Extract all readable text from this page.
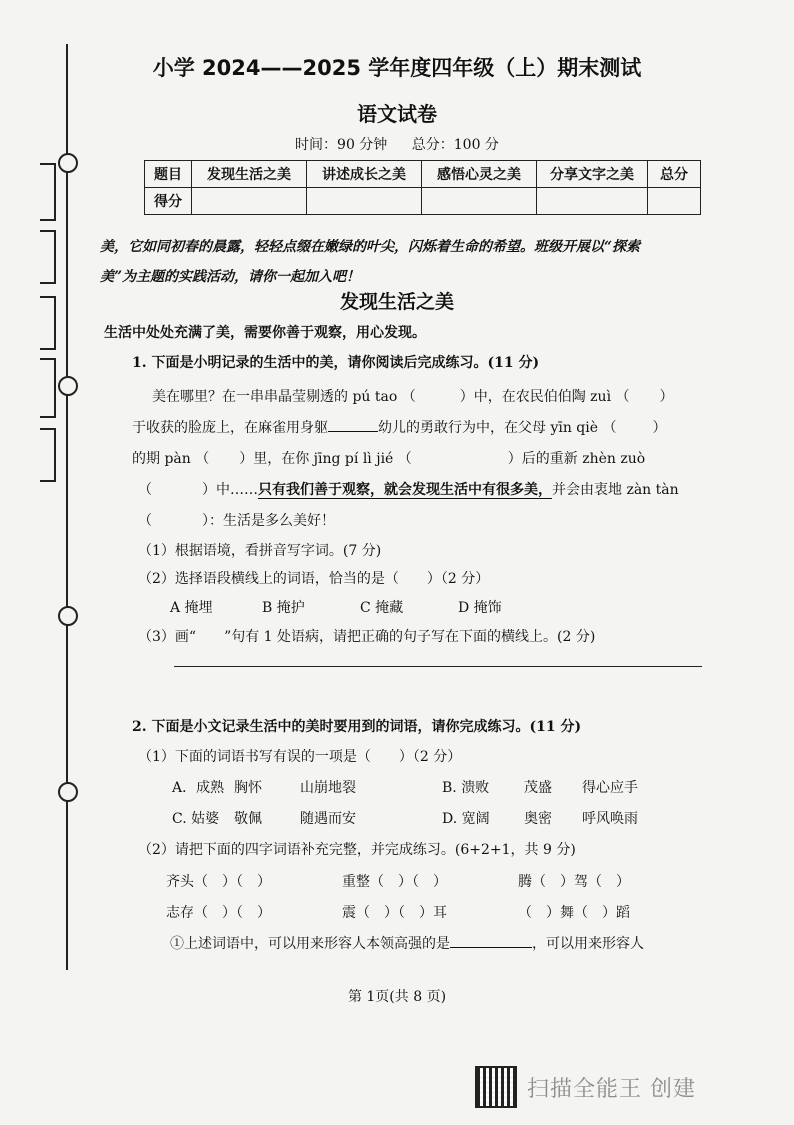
小学 2024——2025 学年度四年级（上）期末测试
语文试卷
时间：90 分钟 总分：100 分
题目	发现生活之美	讲述成长之美	感悟心灵之美	分享文字之美	总分
得分					
美，它如同初春的晨露，轻轻点缀在嫩绿的叶尖，闪烁着生命的希望。班级开展以“探索
美”为主题的实践活动，请你一起加入吧！
发现生活之美
生活中处处充满了美，需要你善于观察，用心发现。
1. 下面是小明记录的生活中的美，请你阅读后完成练习。(11 分)
美在哪里？在一串串晶莹剔透的 pú tao （	）中，在农民伯伯陶 zuì （ ）
于收获的脸庞上，在麻雀用身躯	幼儿的勇敢行为中，在父母 yīn qiè （	）
的期 pàn （ ）里，在你 jīng pí lì jié （	）后的重新 zhèn zuò
（	）中……只有我们善于观察，就会发现生活中有很多美，并会由衷地 zàn tàn
（	）：生活是多么美好！
（1）根据语境，看拼音写字词。(7 分)
（2）选择语段横线上的词语，恰当的是（　　）（2 分）
A 掩埋	B 掩护	C 掩藏	D 掩饰
（3）画“　　”句有 1 处语病，请把正确的句子写在下面的横线上。(2 分)
2. 下面是小文记录生活中的美时要用到的词语，请你完成练习。(11 分)
（1）下面的词语书写有误的一项是（　　）（2 分）
A．成熟 胸怀	山崩地裂	B. 溃败 茂盛 得心应手
C. 姑婆 敬佩	随遇而安	D. 宽阔 奥密 呼风唤雨
（2）请把下面的四字词语补充完整，并完成练习。(6+2+1，共 9 分)
齐头（　）（　）	重整（　）（　）	腾（　）驾（　）
志存（　）（　）	震（　）（　）耳	（　）舞（　）蹈
①上述词语中，可以用来形容人本领高强的是	，可以用来形容人
第 1页(共 8 页)
扫描全能王 创建
